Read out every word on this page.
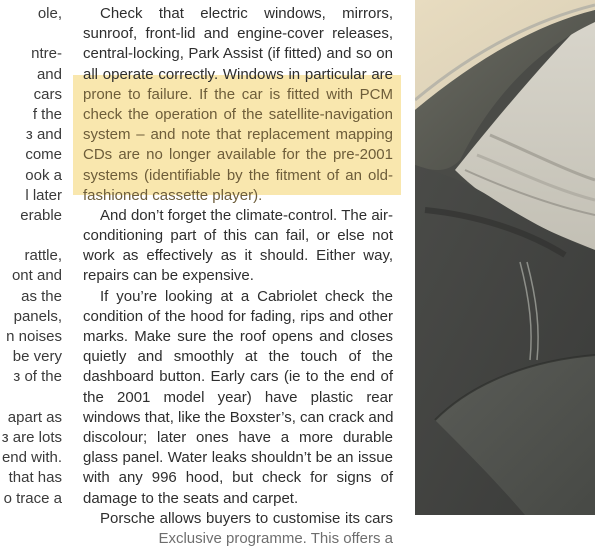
ole,
ntre-
and
cars
f the
з and
come
ook a
l later
erable
rattle,
ont and
as the
panels,
n noises
be very
з of the
apart as
з are lots
end with.
that has
o trace a
Check that electric windows, mirrors,
sunroof, front-lid and engine-cover releases,
central-locking, Park Assist (if fitted) and so on
all operate correctly. Windows in particular are
prone to failure. If the car is fitted with PCM
check the operation of the satellite-navigation
system – and note that replacement mapping
CDs are no longer available for the pre-2001
systems (identifiable by the fitment of an old-
fashioned cassette player).
And don’t forget the climate-control. The air-
conditioning part of this can fail, or else not
work as effectively as it should. Either way,
repairs can be expensive.
If you’re looking at a Cabriolet check the
condition of the hood for fading, rips and other
marks. Make sure the roof opens and closes
quietly and smoothly at the touch of the
dashboard button. Early cars (ie to the end of
the 2001 model year) have plastic rear
windows that, like the Boxster’s, can crack and
discolour; later ones have a more durable
glass panel. Water leaks shouldn’t be an issue
with any 996 hood, but check for signs of
damage to the seats and carpet.
Porsche allows buyers to customise its cars
Exclusive programme. This offers a
